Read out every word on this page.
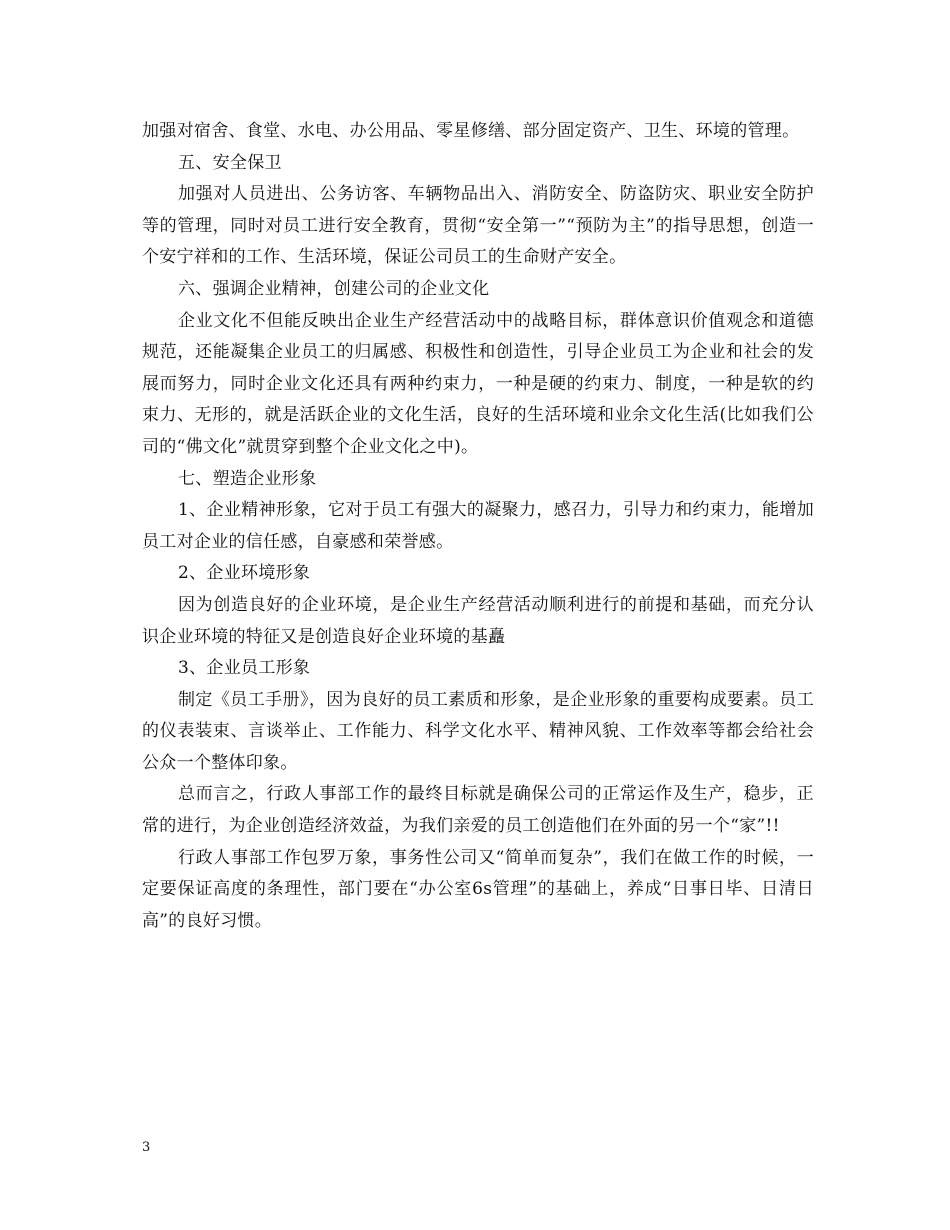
加强对宿舍、食堂、水电、办公用品、零星修缮、部分固定资产、卫生、环境的管理。

五、安全保卫

加强对人员进出、公务访客、车辆物品出入、消防安全、防盗防灾、职业安全防护等的管理，同时对员工进行安全教育，贯彻“安全第一”“预防为主”的指导思想，创造一个安宁祥和的工作、生活环境，保证公司员工的生命财产安全。

六、强调企业精神，创建公司的企业文化

企业文化不但能反映出企业生产经营活动中的战略目标，群体意识价值观念和道德规范，还能凝集企业员工的归属感、积极性和创造性，引导企业员工为企业和社会的发展而努力，同时企业文化还具有两种约束力，一种是硬的约束力、制度，一种是软的约束力、无形的，就是活跃企业的文化生活，良好的生活环境和业余文化生活(比如我们公司的“佛文化”就贯穿到整个企业文化之中)。

七、塑造企业形象

1、企业精神形象，它对于员工有强大的凝聚力，感召力，引导力和约束力，能增加员工对企业的信任感，自豪感和荣誉感。

2、企业环境形象

因为创造良好的企业环境，是企业生产经营活动顺利进行的前提和基础，而充分认识企业环境的特征又是创造良好企业环境的基矗

3、企业员工形象

制定《员工手册》，因为良好的员工素质和形象，是企业形象的重要构成要素。员工的仪表装束、言谈举止、工作能力、科学文化水平、精神风貌、工作效率等都会给社会公众一个整体印象。

总而言之，行政人事部工作的最终目标就是确保公司的正常运作及生产，稳步，正常的进行，为企业创造经济效益，为我们亲爱的员工创造他们在外面的另一个“家”!!

行政人事部工作包罗万象，事务性公司又“简单而复杂”，我们在做工作的时候，一定要保证高度的条理性，部门要在“办公室6s管理”的基础上，养成“日事日毕、日清日高”的良好习惯。

3
